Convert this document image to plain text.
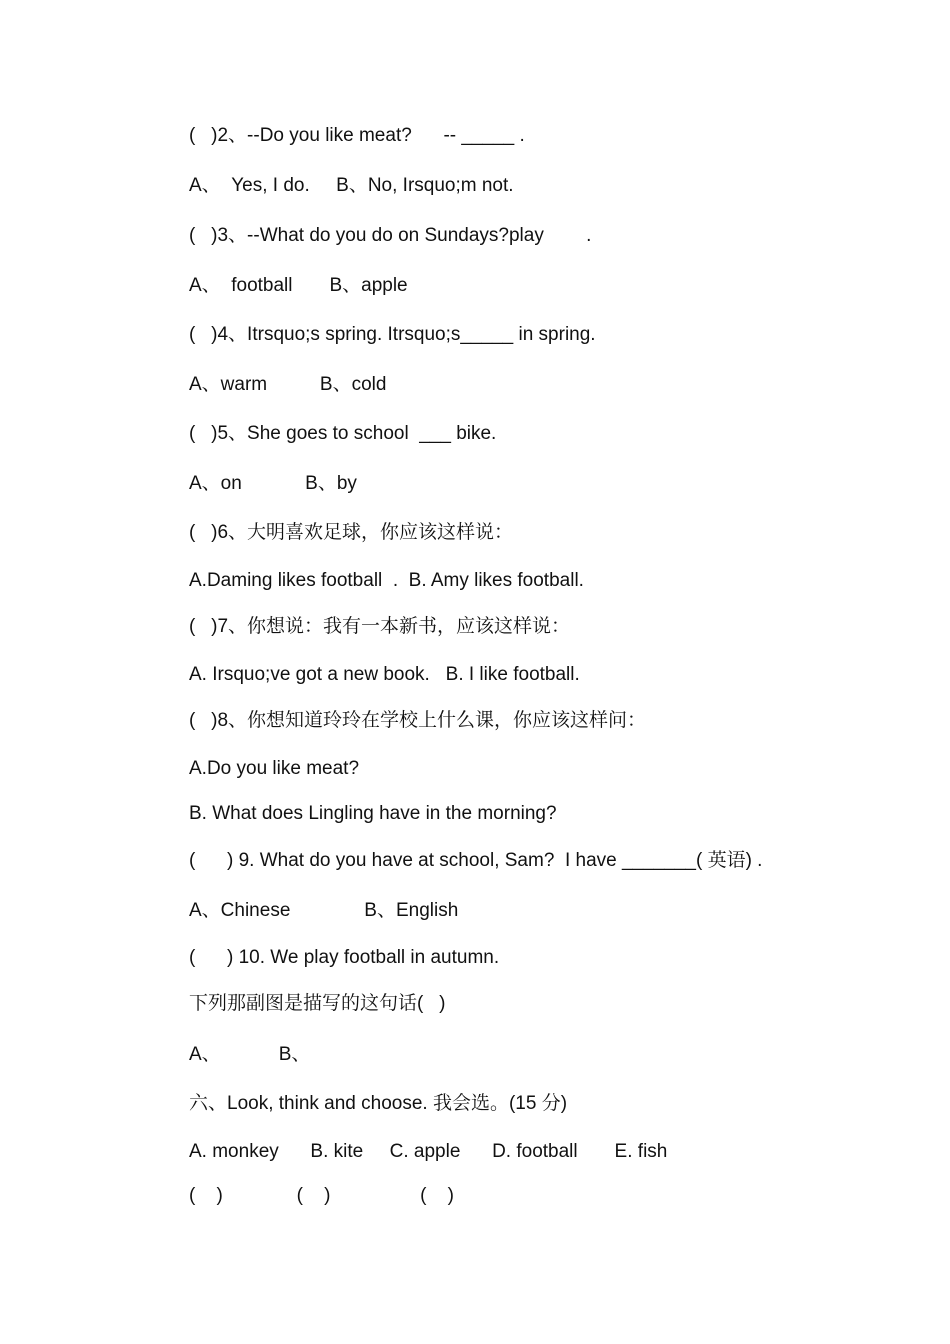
(   )2、--Do you like meat?      -- _____ .
A、  Yes, I do.     B、No, Irsquo;m not.
(   )3、--What do you do on Sundays?play        .
A、  football       B、apple
(   )4、Itrsquo;s spring. Itrsquo;s_____ in spring.
A、warm          B、cold
(   )5、She goes to school  ___ bike.
A、on            B、by
(   )6、大明喜欢足球，你应该这样说：
A.Daming likes football  .  B. Amy likes football.
(   )7、你想说：我有一本新书，应该这样说：
A. Irsquo;ve got a new book.   B. I like football.
(   )8、你想知道玲玲在学校上什么课，你应该这样问：
A.Do you like meat?
B. What does Lingling have in the morning?
(      ) 9. What do you have at school, Sam?  I have _______( 英语) .
A、Chinese              B、English
(      ) 10. We play football in autumn.
下列那副图是描写的这句话(   )
A、           B、
六、Look, think and choose. 我会选。(15 分)
A. monkey      B. kite     C. apple      D. football       E. fish
(    )              (    )                 (    )
